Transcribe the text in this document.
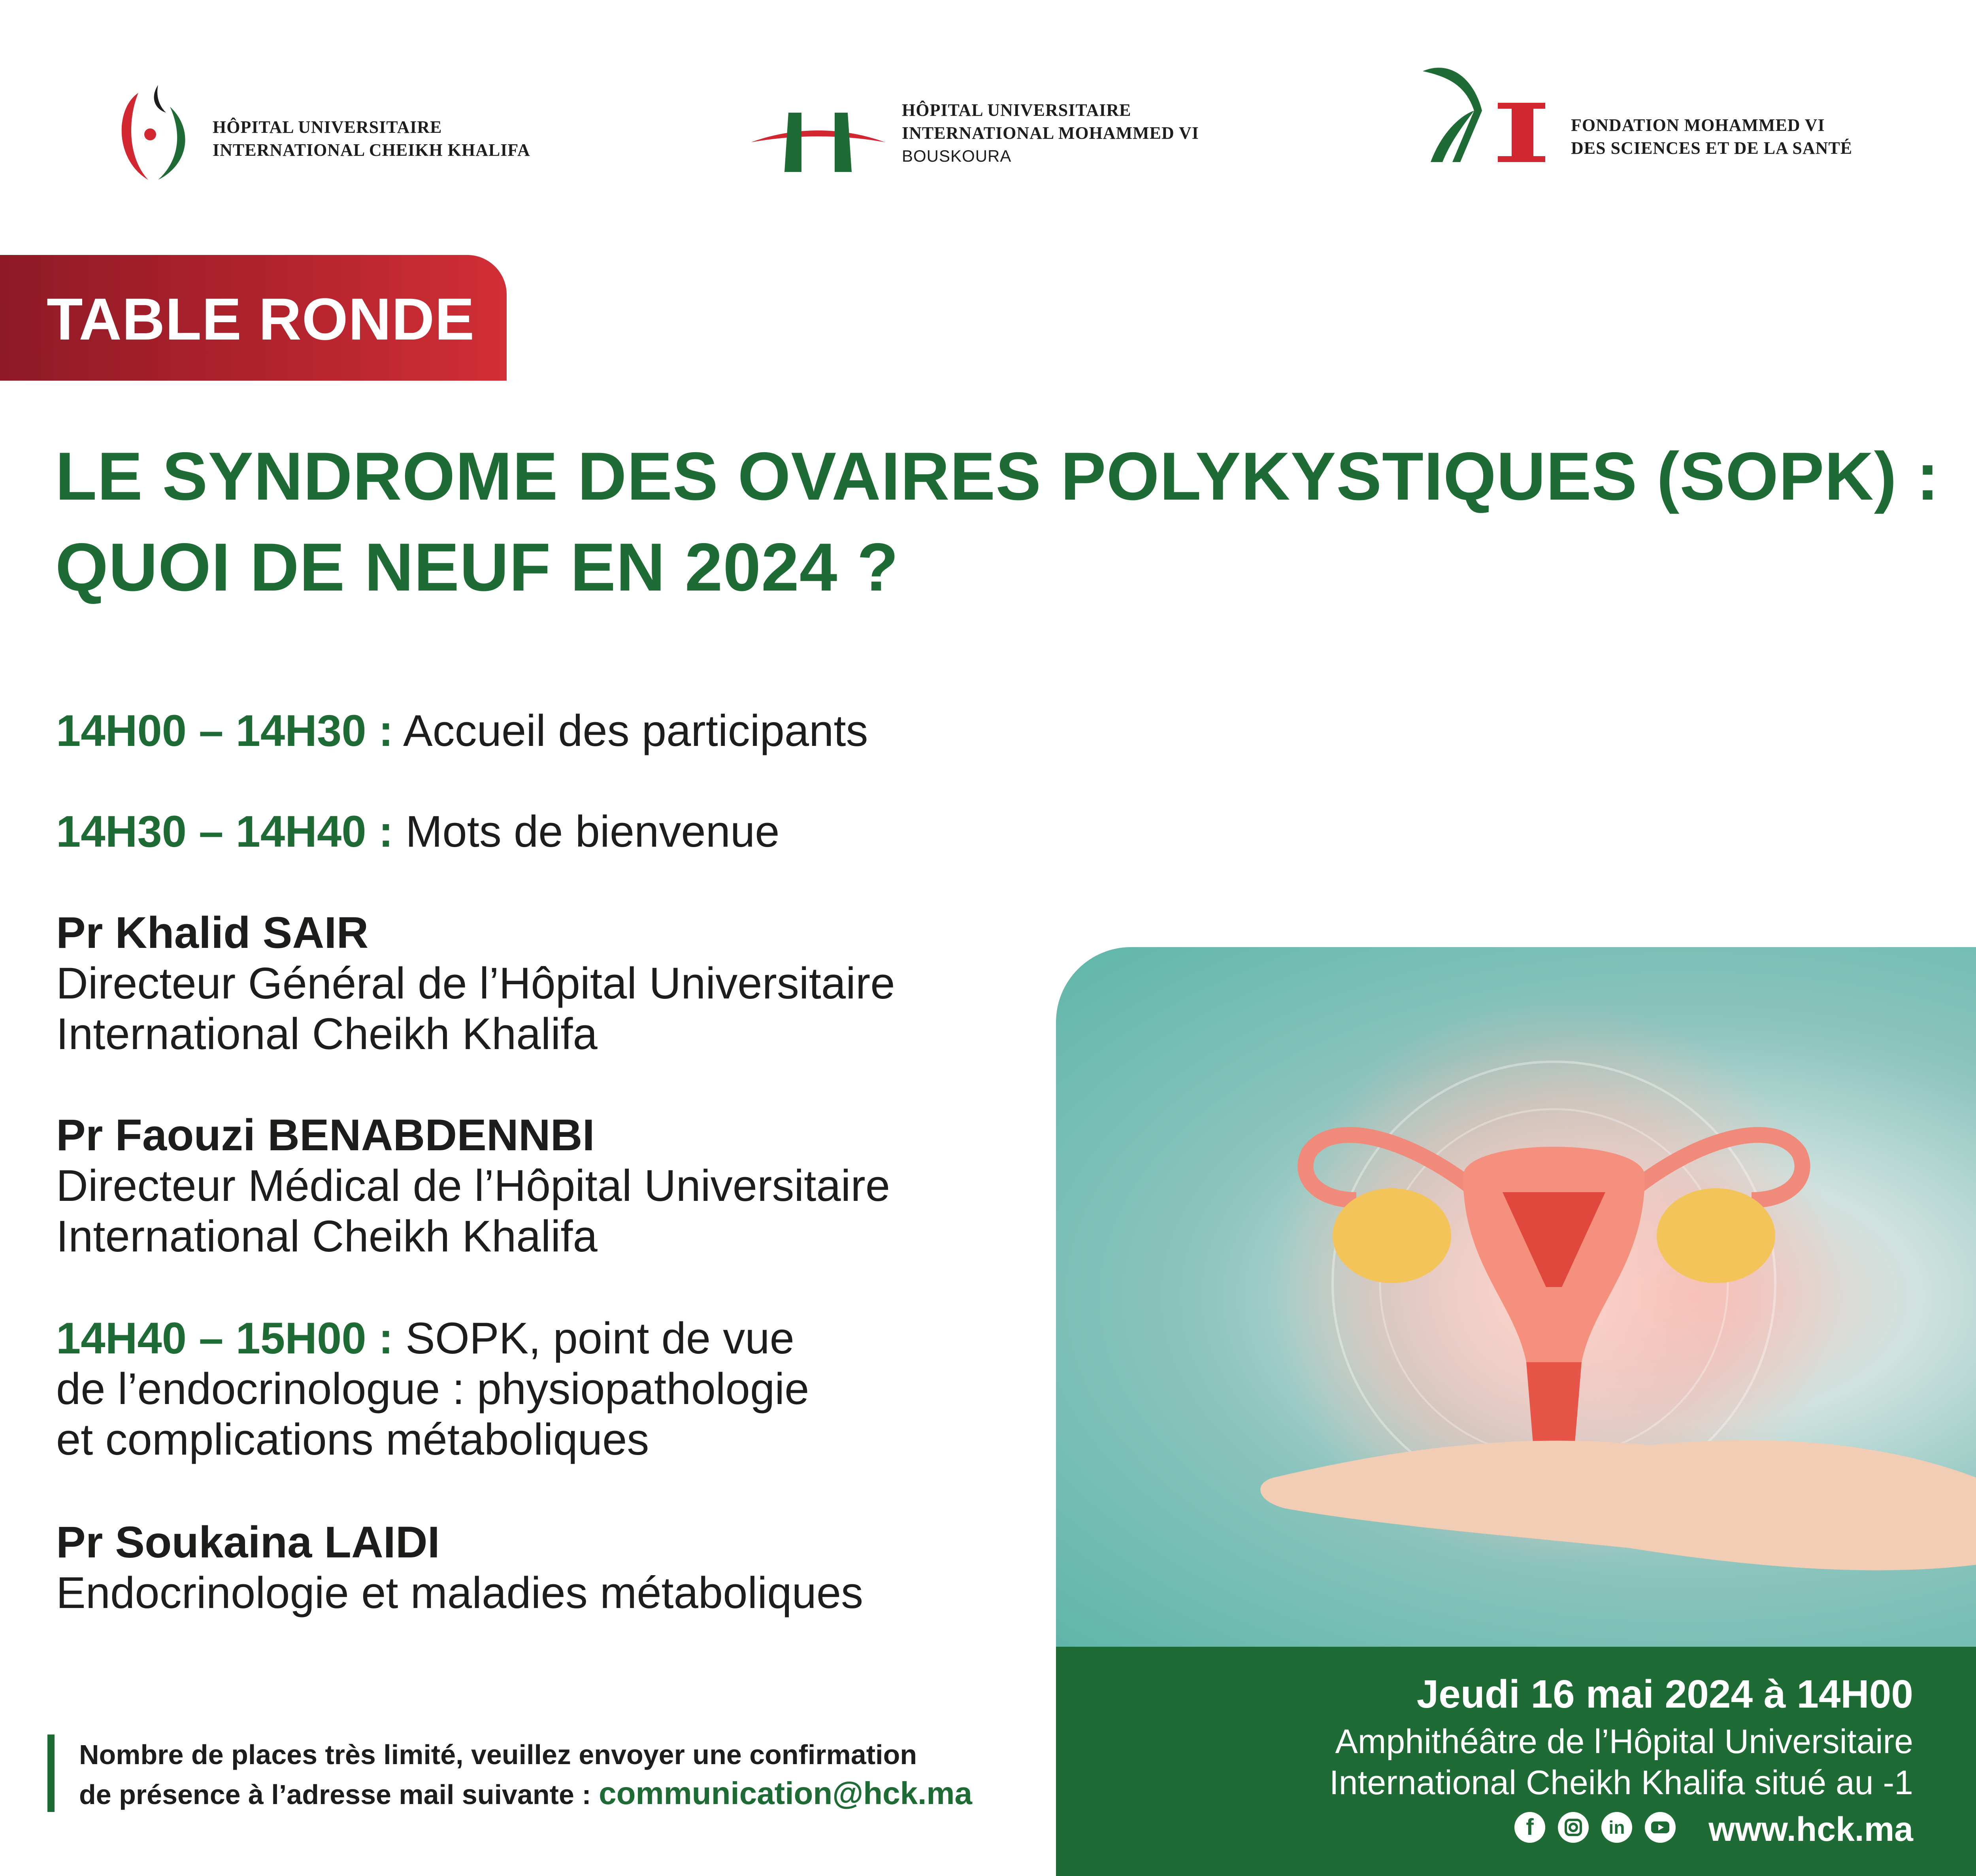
HÔPITAL UNIVERSITAIRE
INTERNATIONAL CHEIKH KHALIFA
HÔPITAL UNIVERSITAIRE
INTERNATIONAL MOHAMMED VI
BOUSKOURA
FONDATION MOHAMMED VI
DES SCIENCES ET DE LA SANTÉ
TABLE RONDE
LE SYNDROME DES OVAIRES POLYKYSTIQUES (SOPK) :
QUOI DE NEUF EN 2024 ?
14H00 – 14H30 : Accueil des participants
14H30 – 14H40 : Mots de bienvenue
Pr Khalid SAIR
Directeur Général de l’Hôpital Universitaire
International Cheikh Khalifa
Pr Faouzi BENABDENNBI
Directeur Médical de l’Hôpital Universitaire
International Cheikh Khalifa
14H40 – 15H00 : SOPK, point de vue
de l’endocrinologue : physiopathologie
et complications métaboliques
Pr Soukaina LAIDI
Endocrinologie et maladies métaboliques
Jeudi 16 mai 2024 à 14H00
Amphithéâtre de l’Hôpital Universitaire
International Cheikh Khalifa situé au -1
f	in www.hck.ma
Nombre de places très limité, veuillez envoyer une confirmation
de présence à l’adresse mail suivante : communication@hck.ma
